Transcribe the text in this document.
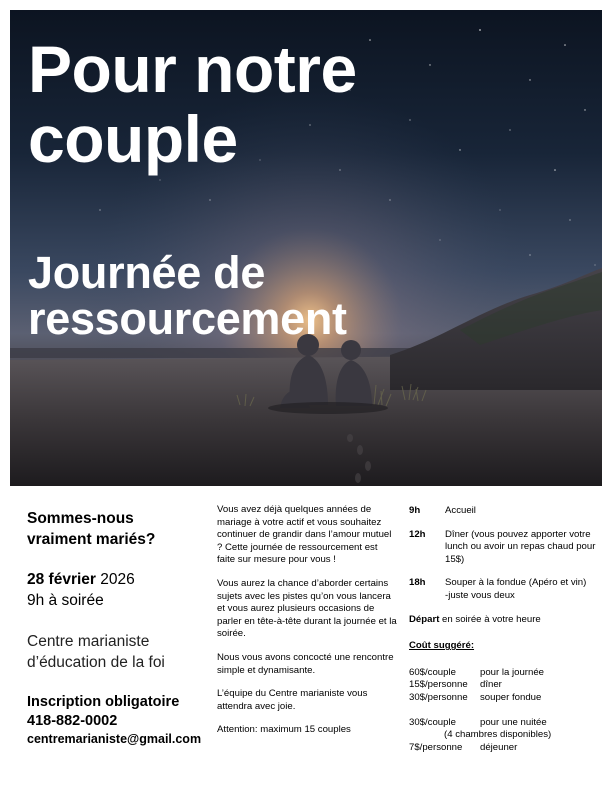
Pour notre
couple
Journée de
ressourcement

Sommes-nous
vraiment mariés?

28 février 2026
9h à soirée
Centre marianiste
d’éducation de la foi
Inscription obligatoire
418-882-0002
centremarianiste@gmail.com

Vous avez déjà quelques années de mariage à votre actif et vous souhaitez continuer de grandir dans l’amour mutuel ? Cette journée de ressourcement est faite sur mesure pour vous !

Vous aurez la chance d’aborder certains sujets avec les pistes qu’on vous lancera et vous aurez plusieurs occasions de parler en tête-à-tête durant la journée et la soirée.

Nous vous avons concocté une rencontre simple et dynamisante.

L’équipe du Centre marianiste vous attendra avec joie.

Attention: maximum 15 couples

9h	Accueil
12h	Dîner (vous pouvez apporter votre lunch ou avoir un repas chaud pour 15$)
18h	Souper à la fondue (Apéro et vin)         -juste vous deux
Départ en soirée à votre heure
Coût suggéré:
60$/couple	pour la journée
15$/personne	dîner
30$/personne	souper fondue
30$/couple	pour une nuitée
(4 chambres disponibles)
7$/personne	déjeuner
